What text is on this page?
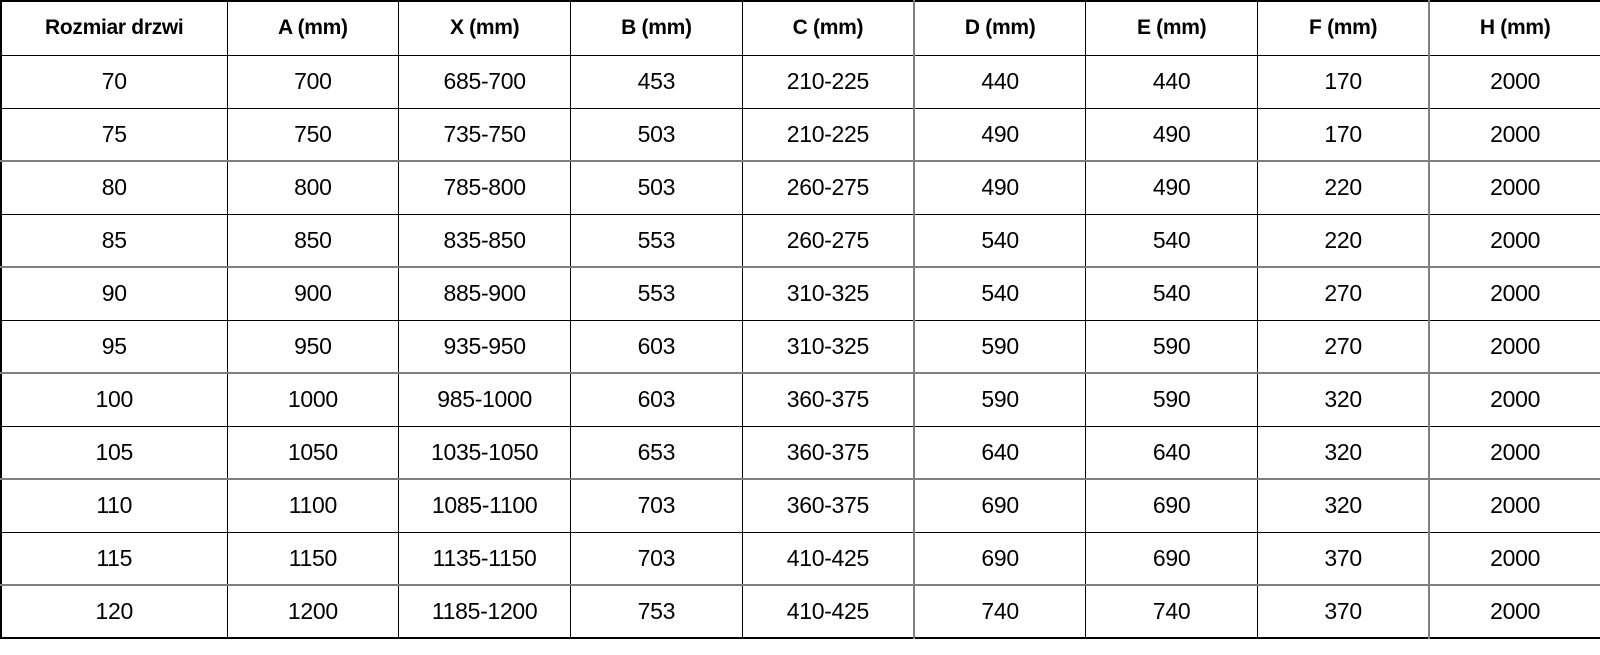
Rozmiar drzwi	A (mm)	X (mm)	B (mm)	C (mm)	D (mm)	E (mm)	F (mm)	H (mm)
70	700	685-700	453	210-225	440	440	170	2000
75	750	735-750	503	210-225	490	490	170	2000
80	800	785-800	503	260-275	490	490	220	2000
85	850	835-850	553	260-275	540	540	220	2000
90	900	885-900	553	310-325	540	540	270	2000
95	950	935-950	603	310-325	590	590	270	2000
100	1000	985-1000	603	360-375	590	590	320	2000
105	1050	1035-1050	653	360-375	640	640	320	2000
110	1100	1085-1100	703	360-375	690	690	320	2000
115	1150	1135-1150	703	410-425	690	690	370	2000
120	1200	1185-1200	753	410-425	740	740	370	2000
